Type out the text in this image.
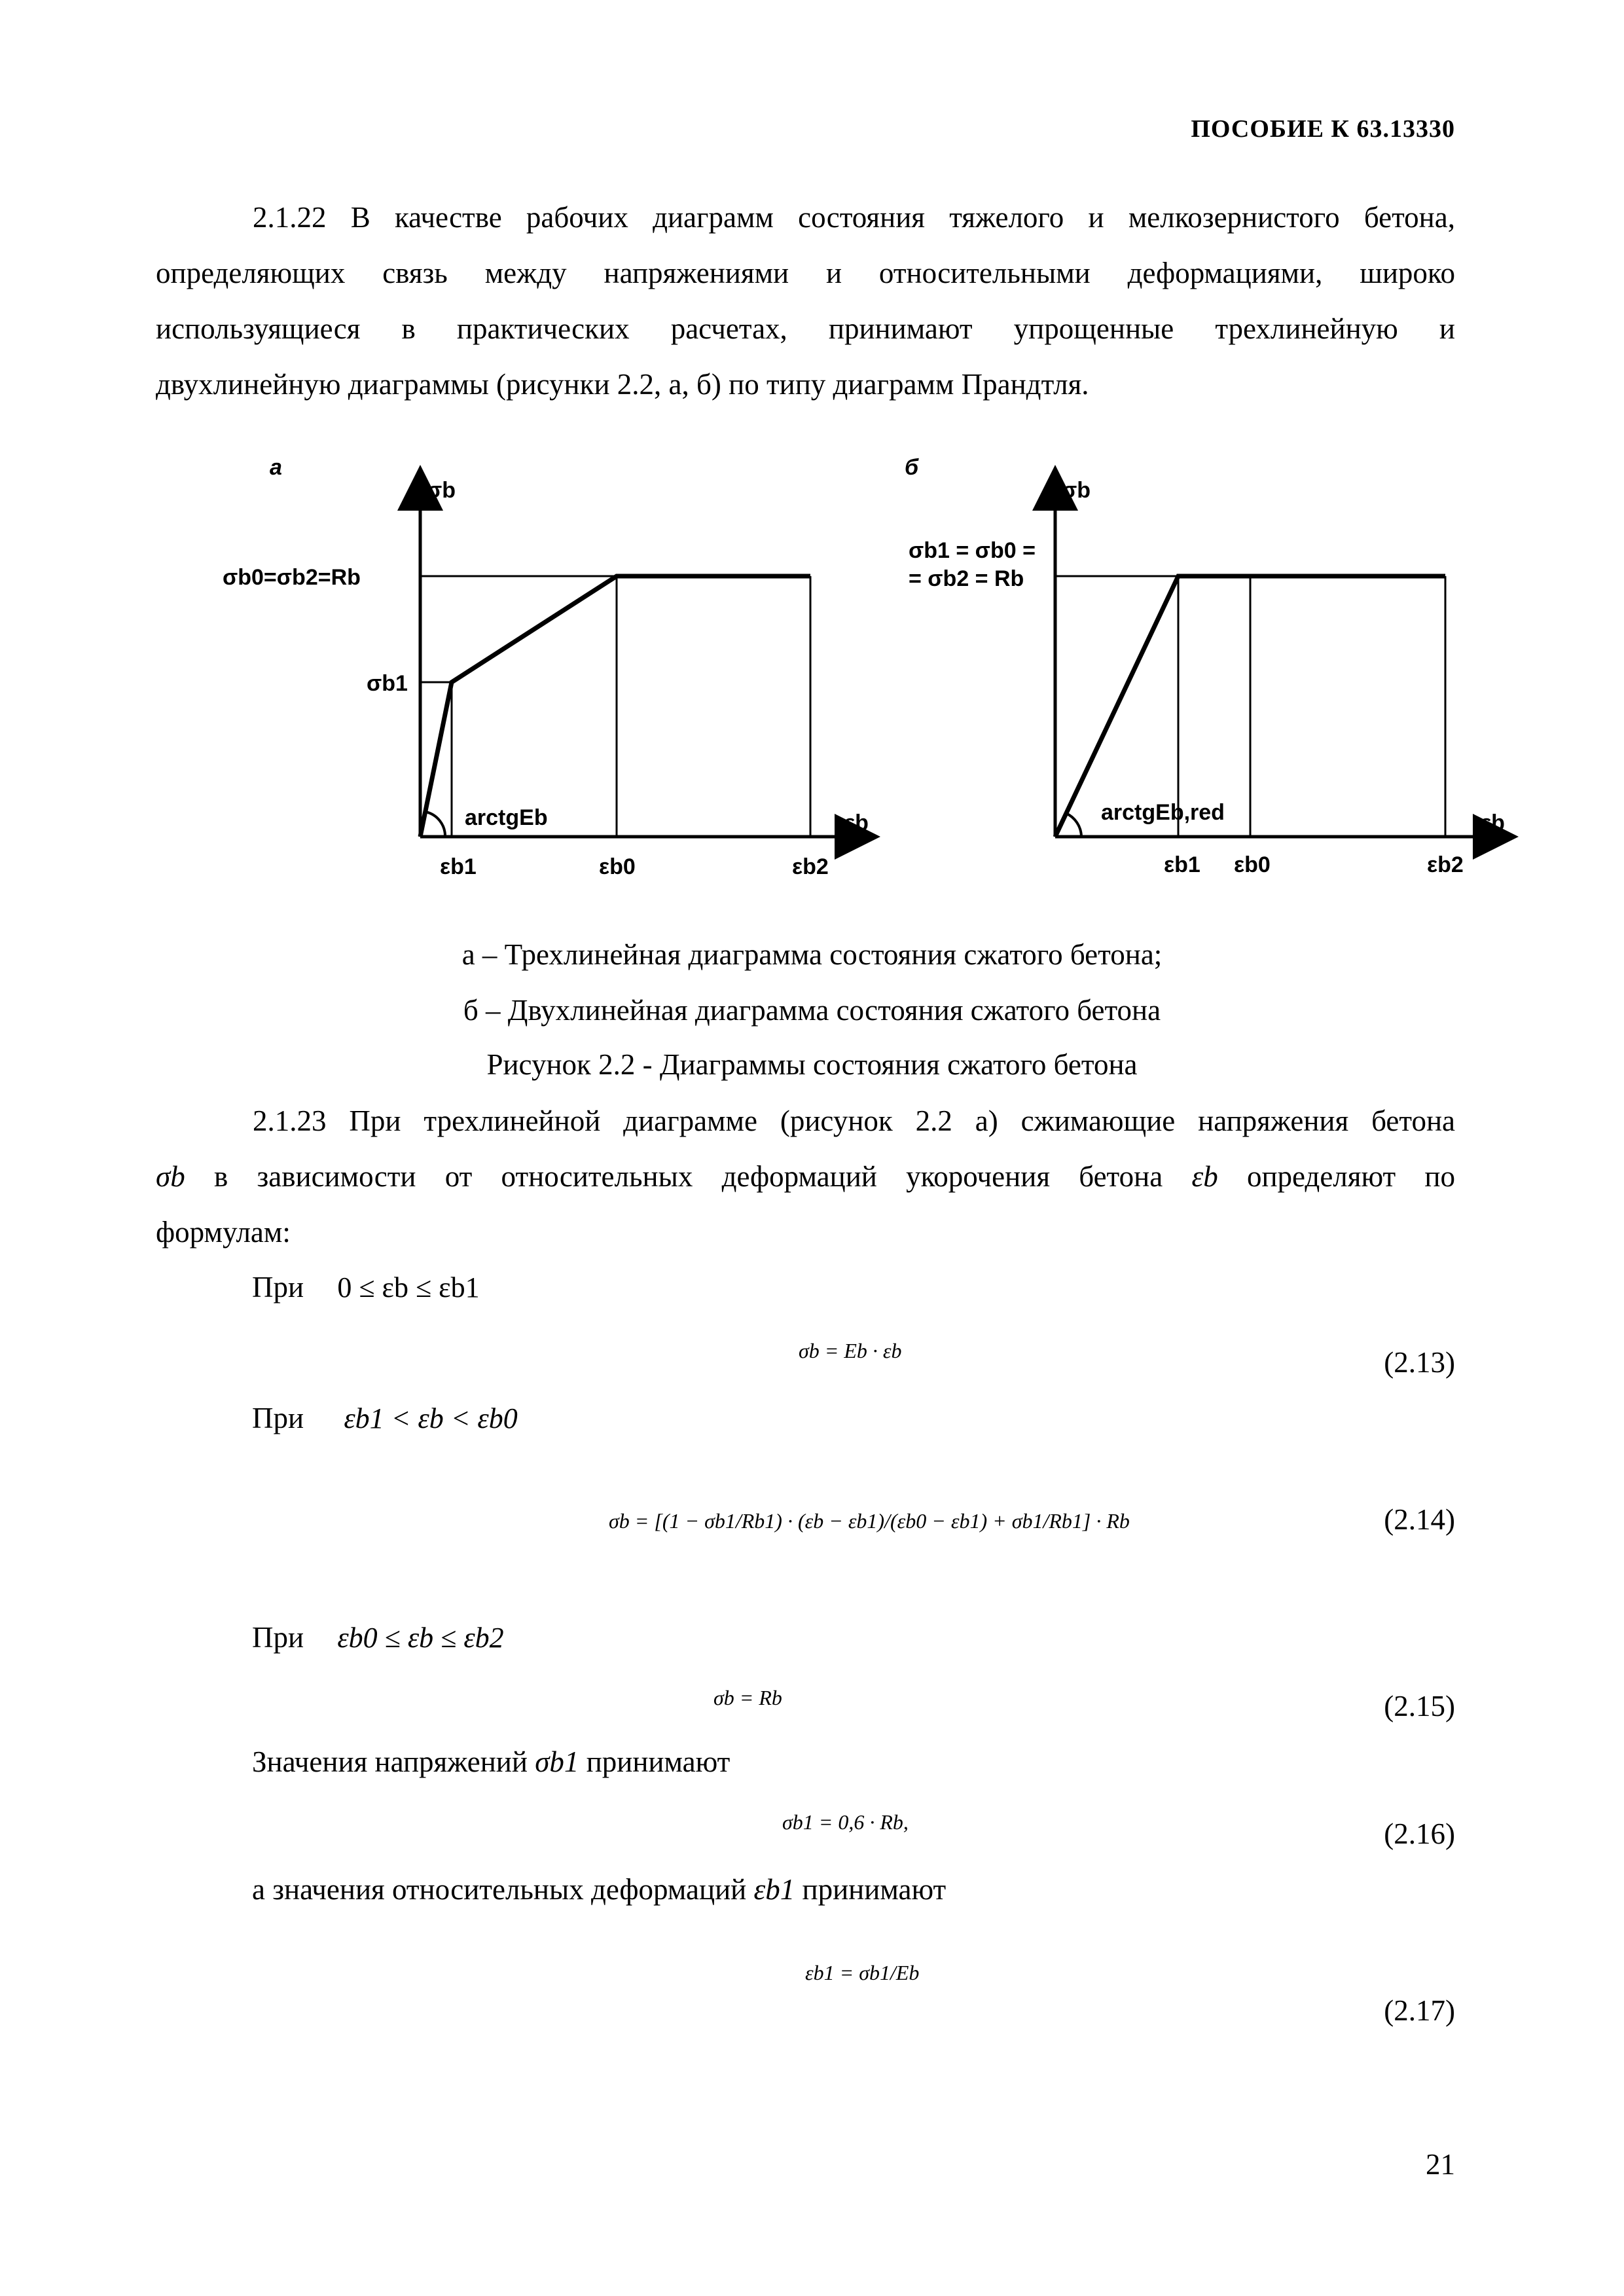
ПОСОБИЕ К 63.13330
2.1.22 В качестве рабочих диаграмм состояния тяжелого и мелкозернистого бетона,
определяющих связь между напряжениями и относительными деформациями, широко
используящиеся в практических расчетах, принимают упрощенные трехлинейную и
двухлинейную диаграммы (рисунки 2.2, а, б) по типу диаграмм Прандтля.
а
σb
εb
σb0=σb2=Rb
σb1
arctgEb
εb1	εb0	εb2
б
σb
εb
σb1 = σb0 =
= σb2 = Rb
arctgEb,red
εb1 εb0	εb2
а – Трехлинейная диаграмма состояния сжатого бетона;
б – Двухлинейная диаграмма состояния сжатого бетона
Рисунок 2.2 - Диаграммы состояния сжатого бетона
2.1.23 При трехлинейной диаграмме (рисунок 2.2 а) сжимающие напряжения бетона
σb в зависимости от относительных деформаций укорочения бетона εb определяют по
формулам:
При 0 ≤ εb ≤ εb1
σb = Eb · εb	(2.13)
При εb1 < εb < εb0
σb = [(1 − σb1/Rb1) · (εb − εb1)/(εb0 − εb1) + σb1/Rb1] · Rb	(2.14)
При εb0 ≤ εb ≤ εb2
σb = Rb	(2.15)
Значения напряжений σb1 принимают
σb1 = 0,6 · Rb,	(2.16)
а значения относительных деформаций εb1 принимают
εb1 = σb1/Eb
(2.17)
21
